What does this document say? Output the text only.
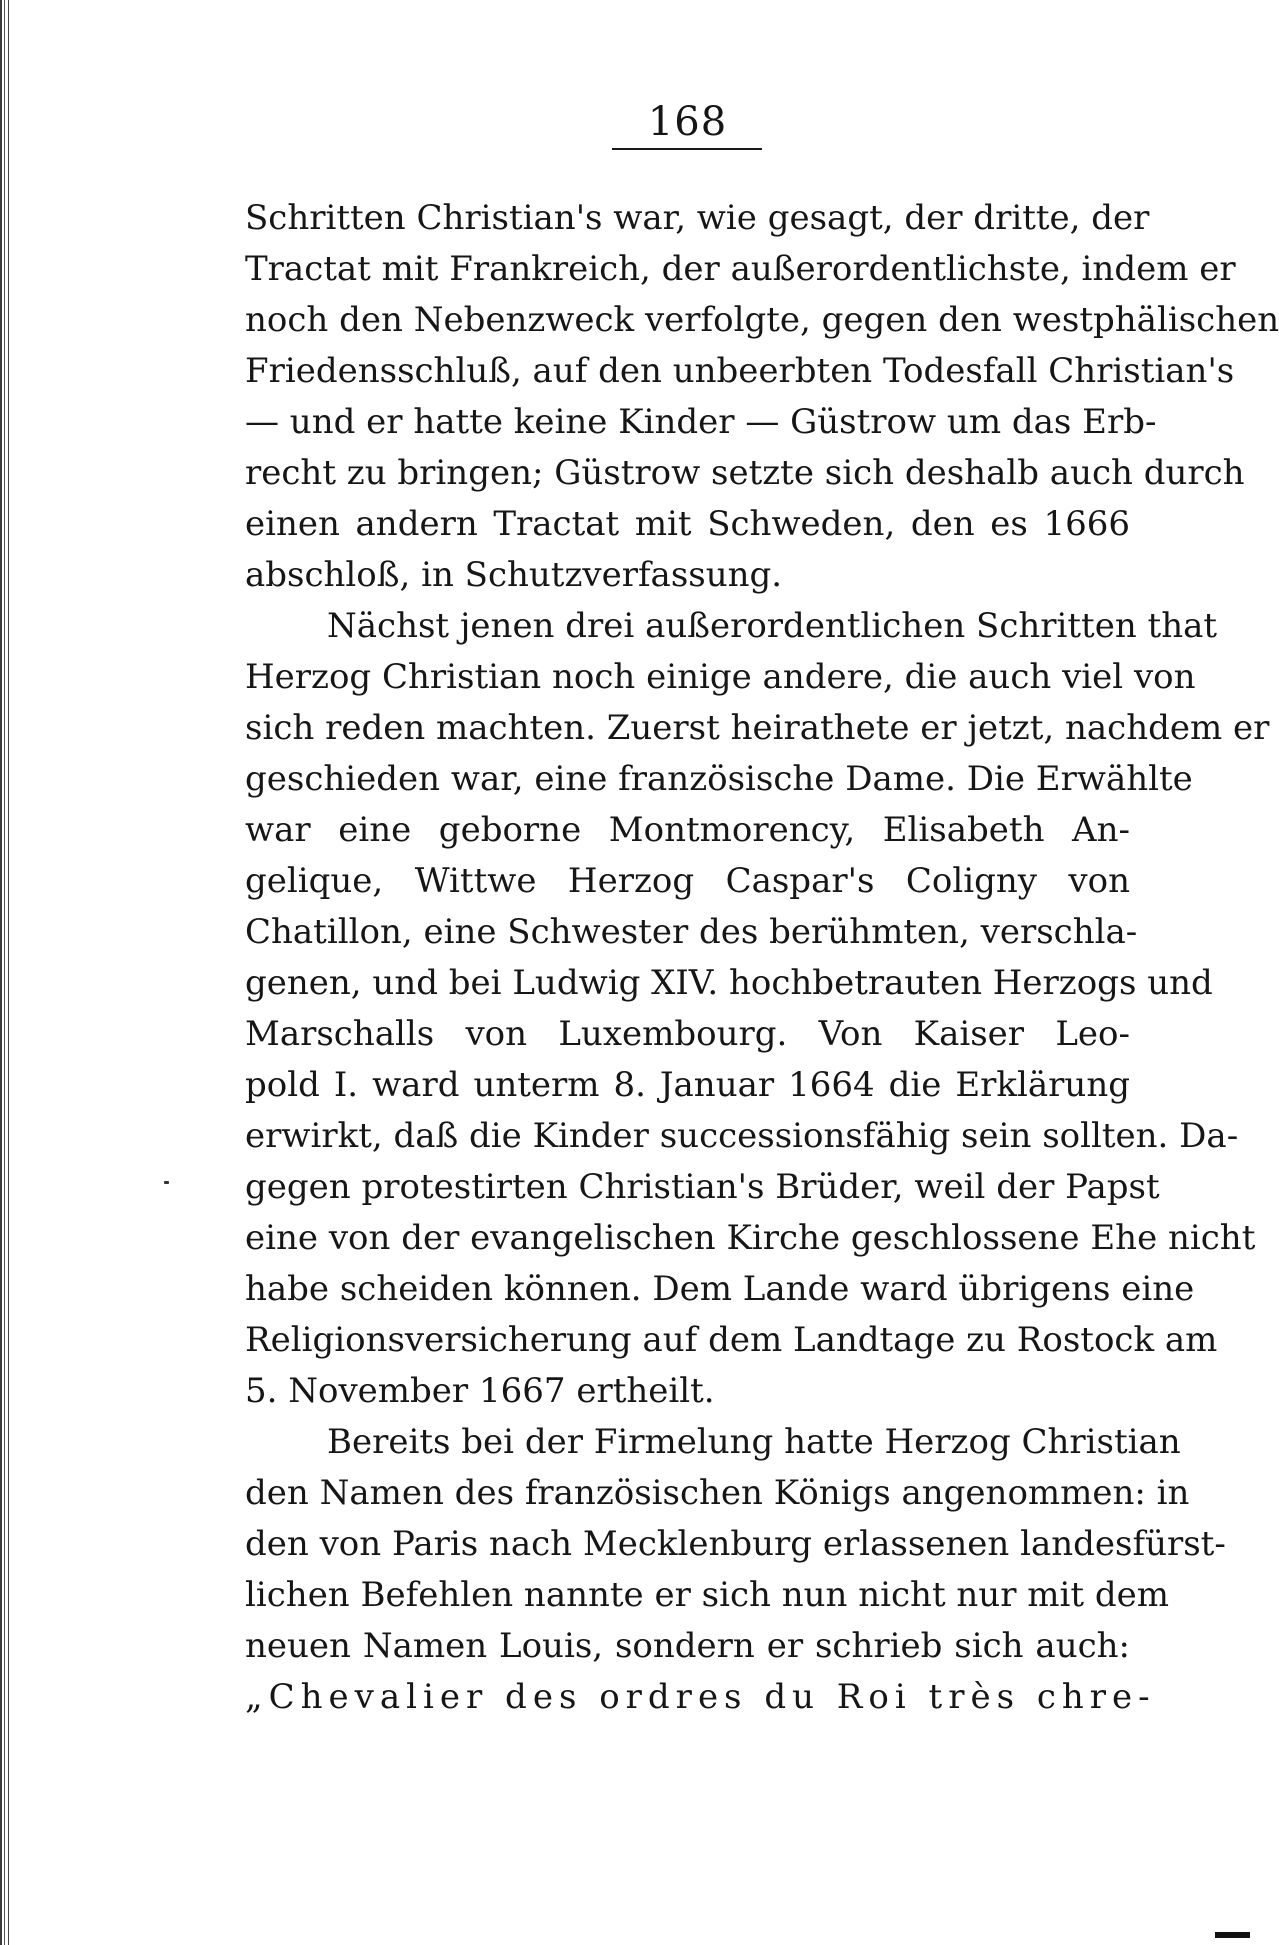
168
Schritten Christian's war, wie gesagt, der dritte, der
Tractat mit Frankreich, der außerordentlichste, indem er
noch den Nebenzweck verfolgte, gegen den westphälischen
Friedensschluß, auf den unbeerbten Todesfall Christian's
— und er hatte keine Kinder — Güstrow um das Erb-
recht zu bringen; Güstrow setzte sich deshalb auch durch
einen andern Tractat mit Schweden, den es 1666
abschloß, in Schutzverfassung.
Nächst jenen drei außerordentlichen Schritten that
Herzog Christian noch einige andere, die auch viel von
sich reden machten. Zuerst heirathete er jetzt, nachdem er
geschieden war, eine französische Dame. Die Erwählte
war eine geborne Montmorency, Elisabeth An-
gelique, Wittwe Herzog Caspar's Coligny von
Chatillon, eine Schwester des berühmten, verschla-
genen, und bei Ludwig XIV. hochbetrauten Herzogs und
Marschalls von Luxembourg. Von Kaiser Leo-
pold I. ward unterm 8. Januar 1664 die Erklärung
erwirkt, daß die Kinder successionsfähig sein sollten. Da-
gegen protestirten Christian's Brüder, weil der Papst
eine von der evangelischen Kirche geschlossene Ehe nicht
habe scheiden können. Dem Lande ward übrigens eine
Religionsversicherung auf dem Landtage zu Rostock am
5. November 1667 ertheilt.
Bereits bei der Firmelung hatte Herzog Christian
den Namen des französischen Königs angenommen: in
den von Paris nach Mecklenburg erlassenen landesfürst-
lichen Befehlen nannte er sich nun nicht nur mit dem
neuen Namen Louis, sondern er schrieb sich auch:
„Chevalier des ordres du Roi très chre-
